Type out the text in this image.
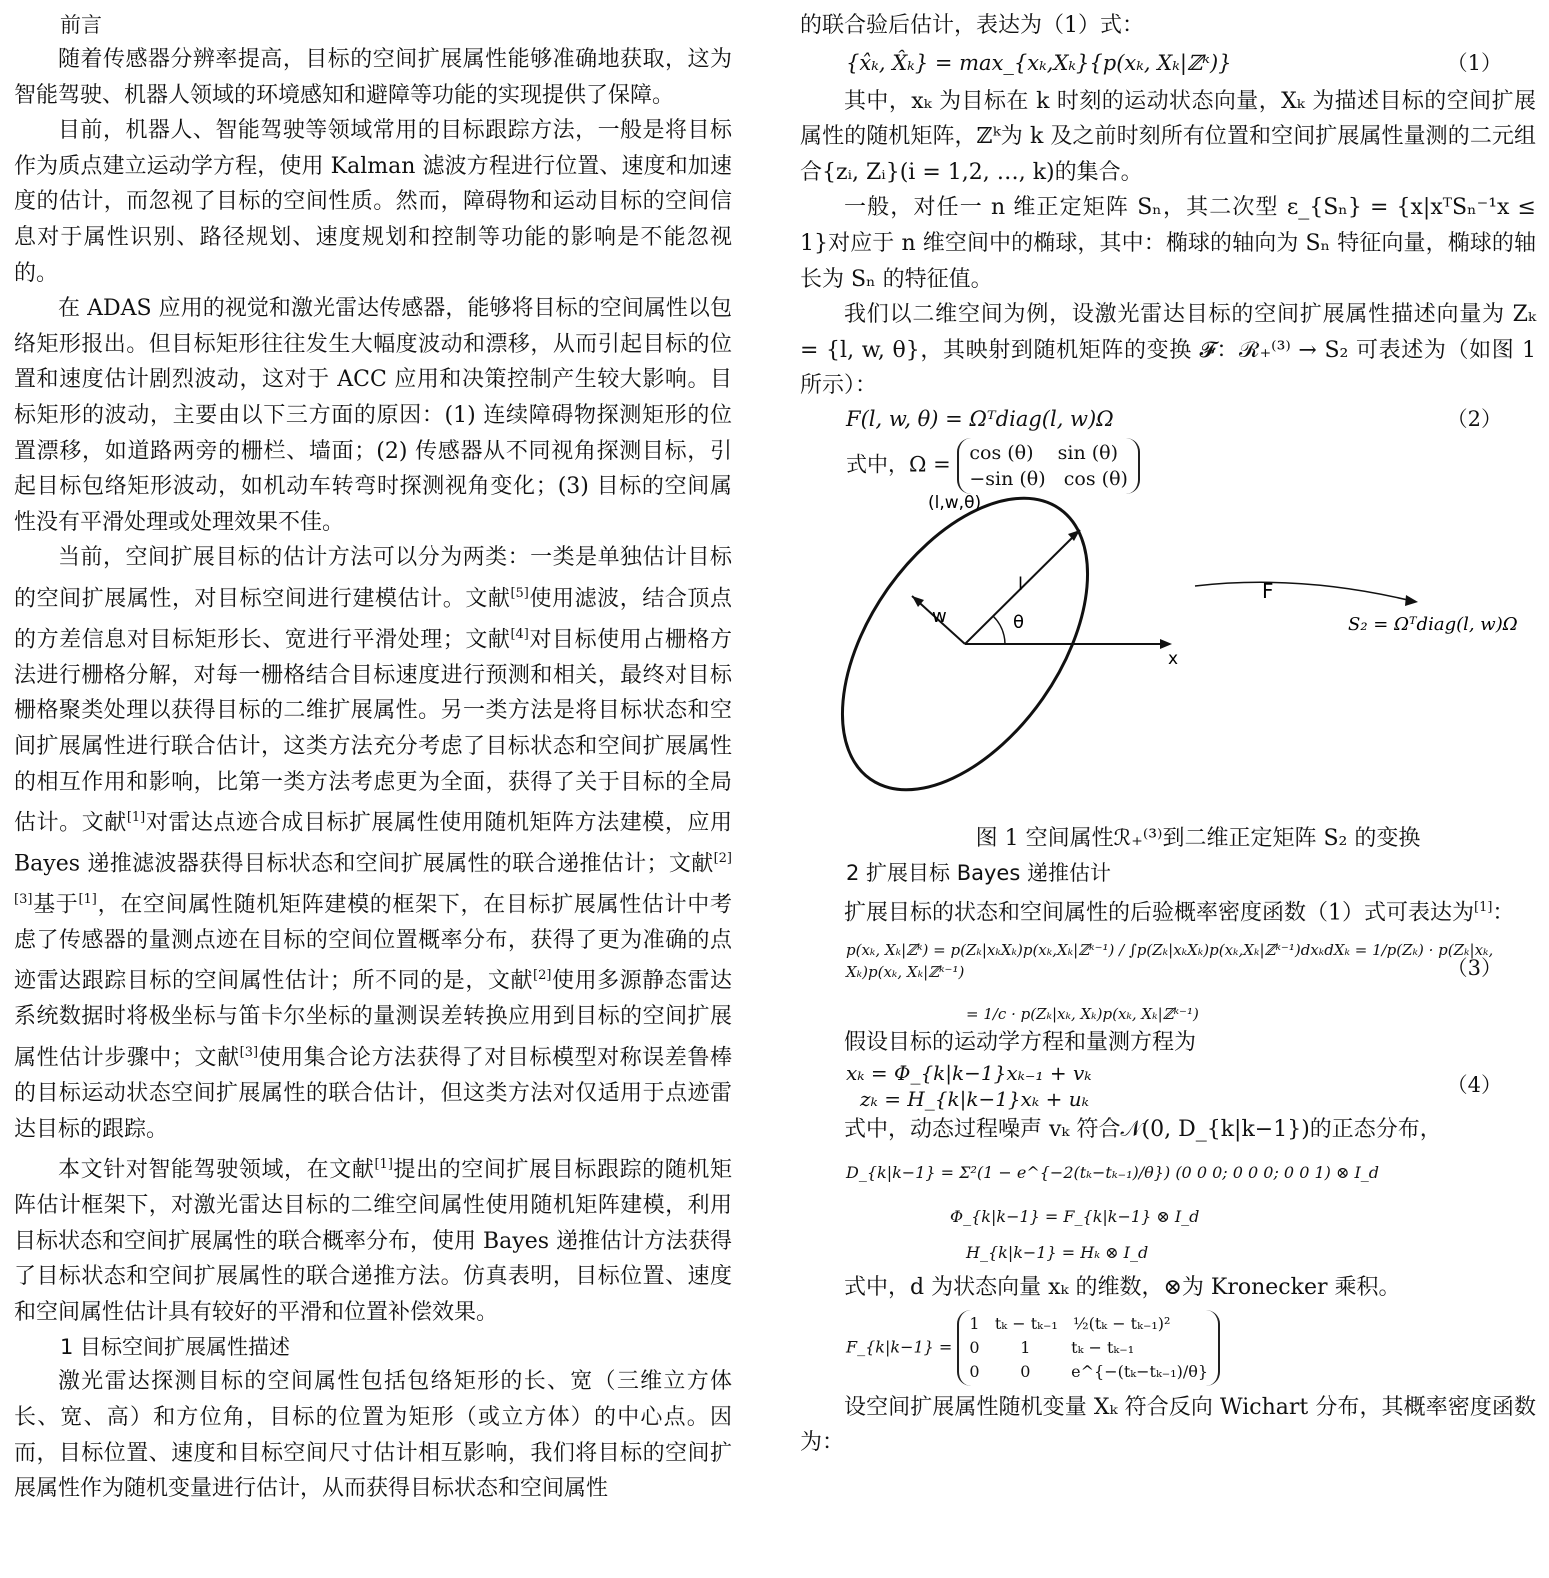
前言

随着传感器分辨率提高，目标的空间扩展属性能够准确地获取，这为智能驾驶、机器人领域的环境感知和避障等功能的实现提供了保障。

目前，机器人、智能驾驶等领域常用的目标跟踪方法，一般是将目标作为质点建立运动学方程，使用 Kalman 滤波方程进行位置、速度和加速度的估计，而忽视了目标的空间性质。然而，障碍物和运动目标的空间信息对于属性识别、路径规划、速度规划和控制等功能的影响是不能忽视的。

在 ADAS 应用的视觉和激光雷达传感器，能够将目标的空间属性以包络矩形报出。但目标矩形往往发生大幅度波动和漂移，从而引起目标的位置和速度估计剧烈波动，这对于 ACC 应用和决策控制产生较大影响。目标矩形的波动，主要由以下三方面的原因：(1) 连续障碍物探测矩形的位置漂移，如道路两旁的栅栏、墙面；(2) 传感器从不同视角探测目标，引起目标包络矩形波动，如机动车转弯时探测视角变化；(3) 目标的空间属性没有平滑处理或处理效果不佳。

当前，空间扩展目标的估计方法可以分为两类：一类是单独估计目标的空间扩展属性，对目标空间进行建模估计。文献[5]使用滤波，结合顶点的方差信息对目标矩形长、宽进行平滑处理；文献[4]对目标使用占栅格方法进行栅格分解，对每一栅格结合目标速度进行预测和相关，最终对目标栅格聚类处理以获得目标的二维扩展属性。另一类方法是将目标状态和空间扩展属性进行联合估计，这类方法充分考虑了目标状态和空间扩展属性的相互作用和影响，比第一类方法考虑更为全面，获得了关于目标的全局估计。文献[1]对雷达点迹合成目标扩展属性使用随机矩阵方法建模，应用 Bayes 递推滤波器获得目标状态和空间扩展属性的联合递推估计；文献[2][3]基于[1]，在空间属性随机矩阵建模的框架下，在目标扩展属性估计中考虑了传感器的量测点迹在目标的空间位置概率分布，获得了更为准确的点迹雷达跟踪目标的空间属性估计；所不同的是，文献[2]使用多源静态雷达系统数据时将极坐标与笛卡尔坐标的量测误差转换应用到目标的空间扩展属性估计步骤中；文献[3]使用集合论方法获得了对目标模型对称误差鲁棒的目标运动状态空间扩展属性的联合估计，但这类方法对仅适用于点迹雷达目标的跟踪。

本文针对智能驾驶领域，在文献[1]提出的空间扩展目标跟踪的随机矩阵估计框架下，对激光雷达目标的二维空间属性使用随机矩阵建模，利用目标状态和空间扩展属性的联合概率分布，使用 Bayes 递推估计方法获得了目标状态和空间扩展属性的联合递推方法。仿真表明，目标位置、速度和空间属性估计具有较好的平滑和位置补偿效果。

1 目标空间扩展属性描述

激光雷达探测目标的空间属性包括包络矩形的长、宽（三维立方体长、宽、高）和方位角，目标的位置为矩形（或立方体）的中心点。因而，目标位置、速度和目标空间尺寸估计相互影响，我们将目标的空间扩展属性作为随机变量进行估计，从而获得目标状态和空间属性

的联合验后估计，表达为（1）式：

{x̂ₖ, X̂ₖ} = max_{xₖ,Xₖ}{p(xₖ, Xₖ|ℤᵏ)}	（1）

其中，xₖ 为目标在 k 时刻的运动状态向量，Xₖ 为描述目标的空间扩展属性的随机矩阵，ℤᵏ为 k 及之前时刻所有位置和空间扩展属性量测的二元组合{zᵢ, Zᵢ}(i = 1,2, …, k)的集合。

一般，对任一 n 维正定矩阵 Sₙ，其二次型 ε_{Sₙ} = {x|xᵀSₙ⁻¹x ≤ 1}对应于 n 维空间中的椭球，其中：椭球的轴向为 Sₙ 特征向量，椭球的轴长为 Sₙ 的特征值。

我们以二维空间为例，设激光雷达目标的空间扩展属性描述向量为 Zₖ = {l, w, θ}，其映射到随机矩阵的变换 𝓕：ℛ₊⁽³⁾ → S₂ 可表述为（如图 1 所示）：

F(l, w, θ) = Ωᵀdiag(l, w)Ω	（2）
式中，Ω = cos (θ)    sin (θ)
−sin (θ)   cos (θ)
(l,w,θ)
l
w	θ
x
F
S₂ = Ωᵀdiag(l, w)Ω
图 1 空间属性ℛ₊⁽³⁾到二维正定矩阵 S₂ 的变换
2 扩展目标 Bayes 递推估计

扩展目标的状态和空间属性的后验概率密度函数（1）式可表达为[1]：

p(xₖ, Xₖ|ℤᵏ) = p(Zₖ|xₖXₖ)p(xₖ,Xₖ|ℤᵏ⁻¹) / ∫p(Zₖ|xₖXₖ)p(xₖ,Xₖ|ℤᵏ⁻¹)dxₖdXₖ = 1/p(Zₖ) · p(Zₖ|xₖ, Xₖ)p(xₖ, Xₖ|ℤᵏ⁻¹)
= 1/c · p(Zₖ|xₖ, Xₖ)p(xₖ, Xₖ|ℤᵏ⁻¹)
（3）

假设目标的运动学方程和量测方程为

xₖ = Φ_{k|k−1}xₖ₋₁ + vₖ
zₖ = H_{k|k−1}xₖ + uₖ
（4）

式中，动态过程噪声 vₖ 符合𝒩(0, D_{k|k−1})的正态分布，

D_{k|k−1} = Σ²(1 − e^{−2(tₖ−tₖ₋₁)/θ}) (0 0 0; 0 0 0; 0 0 1) ⊗ I_d
Φ_{k|k−1} = F_{k|k−1} ⊗ I_d
H_{k|k−1} = Hₖ ⊗ I_d

式中，d 为状态向量 xₖ 的维数，⊗为 Kronecker 乘积。

F_{k|k−1} =
1   tₖ − tₖ₋₁   ½(tₖ − tₖ₋₁)²
0        1        tₖ − tₖ₋₁
0        0        e^{−(tₖ−tₖ₋₁)/θ}

设空间扩展属性随机变量 Xₖ 符合反向 Wichart 分布，其概率密度函数为：
